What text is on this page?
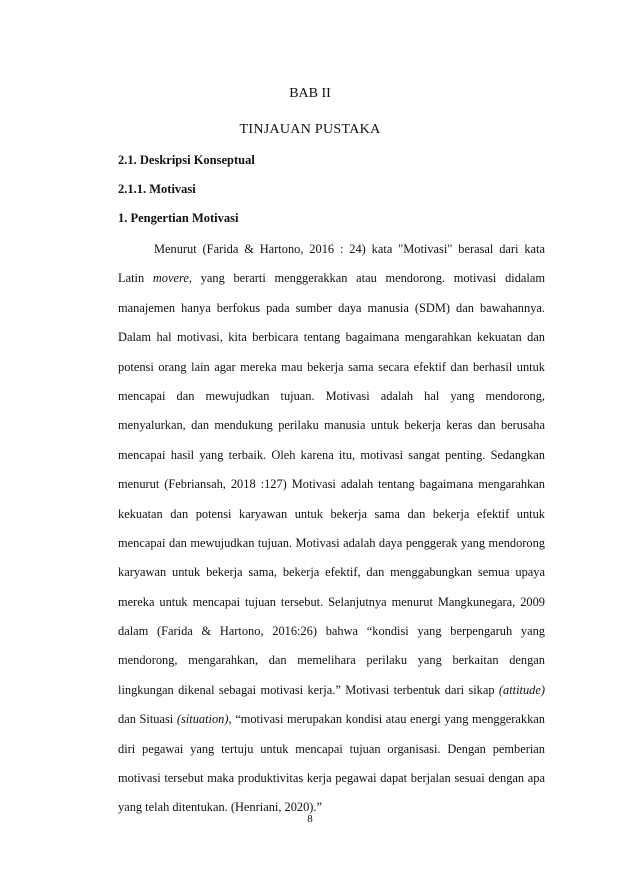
BAB II
TINJAUAN PUSTAKA
2.1. Deskripsi Konseptual
2.1.1. Motivasi
1. Pengertian Motivasi
Menurut (Farida & Hartono, 2016 : 24) kata "Motivasi" berasal dari kata
Latin movere, yang berarti menggerakkan atau mendorong. motivasi didalam
manajemen hanya berfokus pada sumber daya manusia (SDM) dan bawahannya.
Dalam hal motivasi, kita berbicara tentang bagaimana mengarahkan kekuatan dan
potensi orang lain agar mereka mau bekerja sama secara efektif dan berhasil untuk
mencapai dan mewujudkan tujuan. Motivasi adalah hal yang mendorong,
menyalurkan, dan mendukung perilaku manusia untuk bekerja keras dan berusaha
mencapai hasil yang terbaik. Oleh karena itu, motivasi sangat penting. Sedangkan
menurut (Febriansah, 2018 :127) Motivasi adalah tentang bagaimana mengarahkan
kekuatan dan potensi karyawan untuk bekerja sama dan bekerja efektif untuk
mencapai dan mewujudkan tujuan. Motivasi adalah daya penggerak yang mendorong
karyawan untuk bekerja sama, bekerja efektif, dan menggabungkan semua upaya
mereka untuk mencapai tujuan tersebut. Selanjutnya menurut Mangkunegara, 2009
dalam (Farida & Hartono, 2016:26) bahwa “kondisi yang berpengaruh yang
mendorong, mengarahkan, dan memelihara perilaku yang berkaitan dengan
lingkungan dikenal sebagai motivasi kerja.” Motivasi terbentuk dari sikap (attitude)
dan Situasi (situation), “motivasi merupakan kondisi atau energi yang menggerakkan
diri pegawai yang tertuju untuk mencapai tujuan organisasi. Dengan pemberian
motivasi tersebut maka produktivitas kerja pegawai dapat berjalan sesuai dengan apa
yang telah ditentukan. (Henriani, 2020).”
8
